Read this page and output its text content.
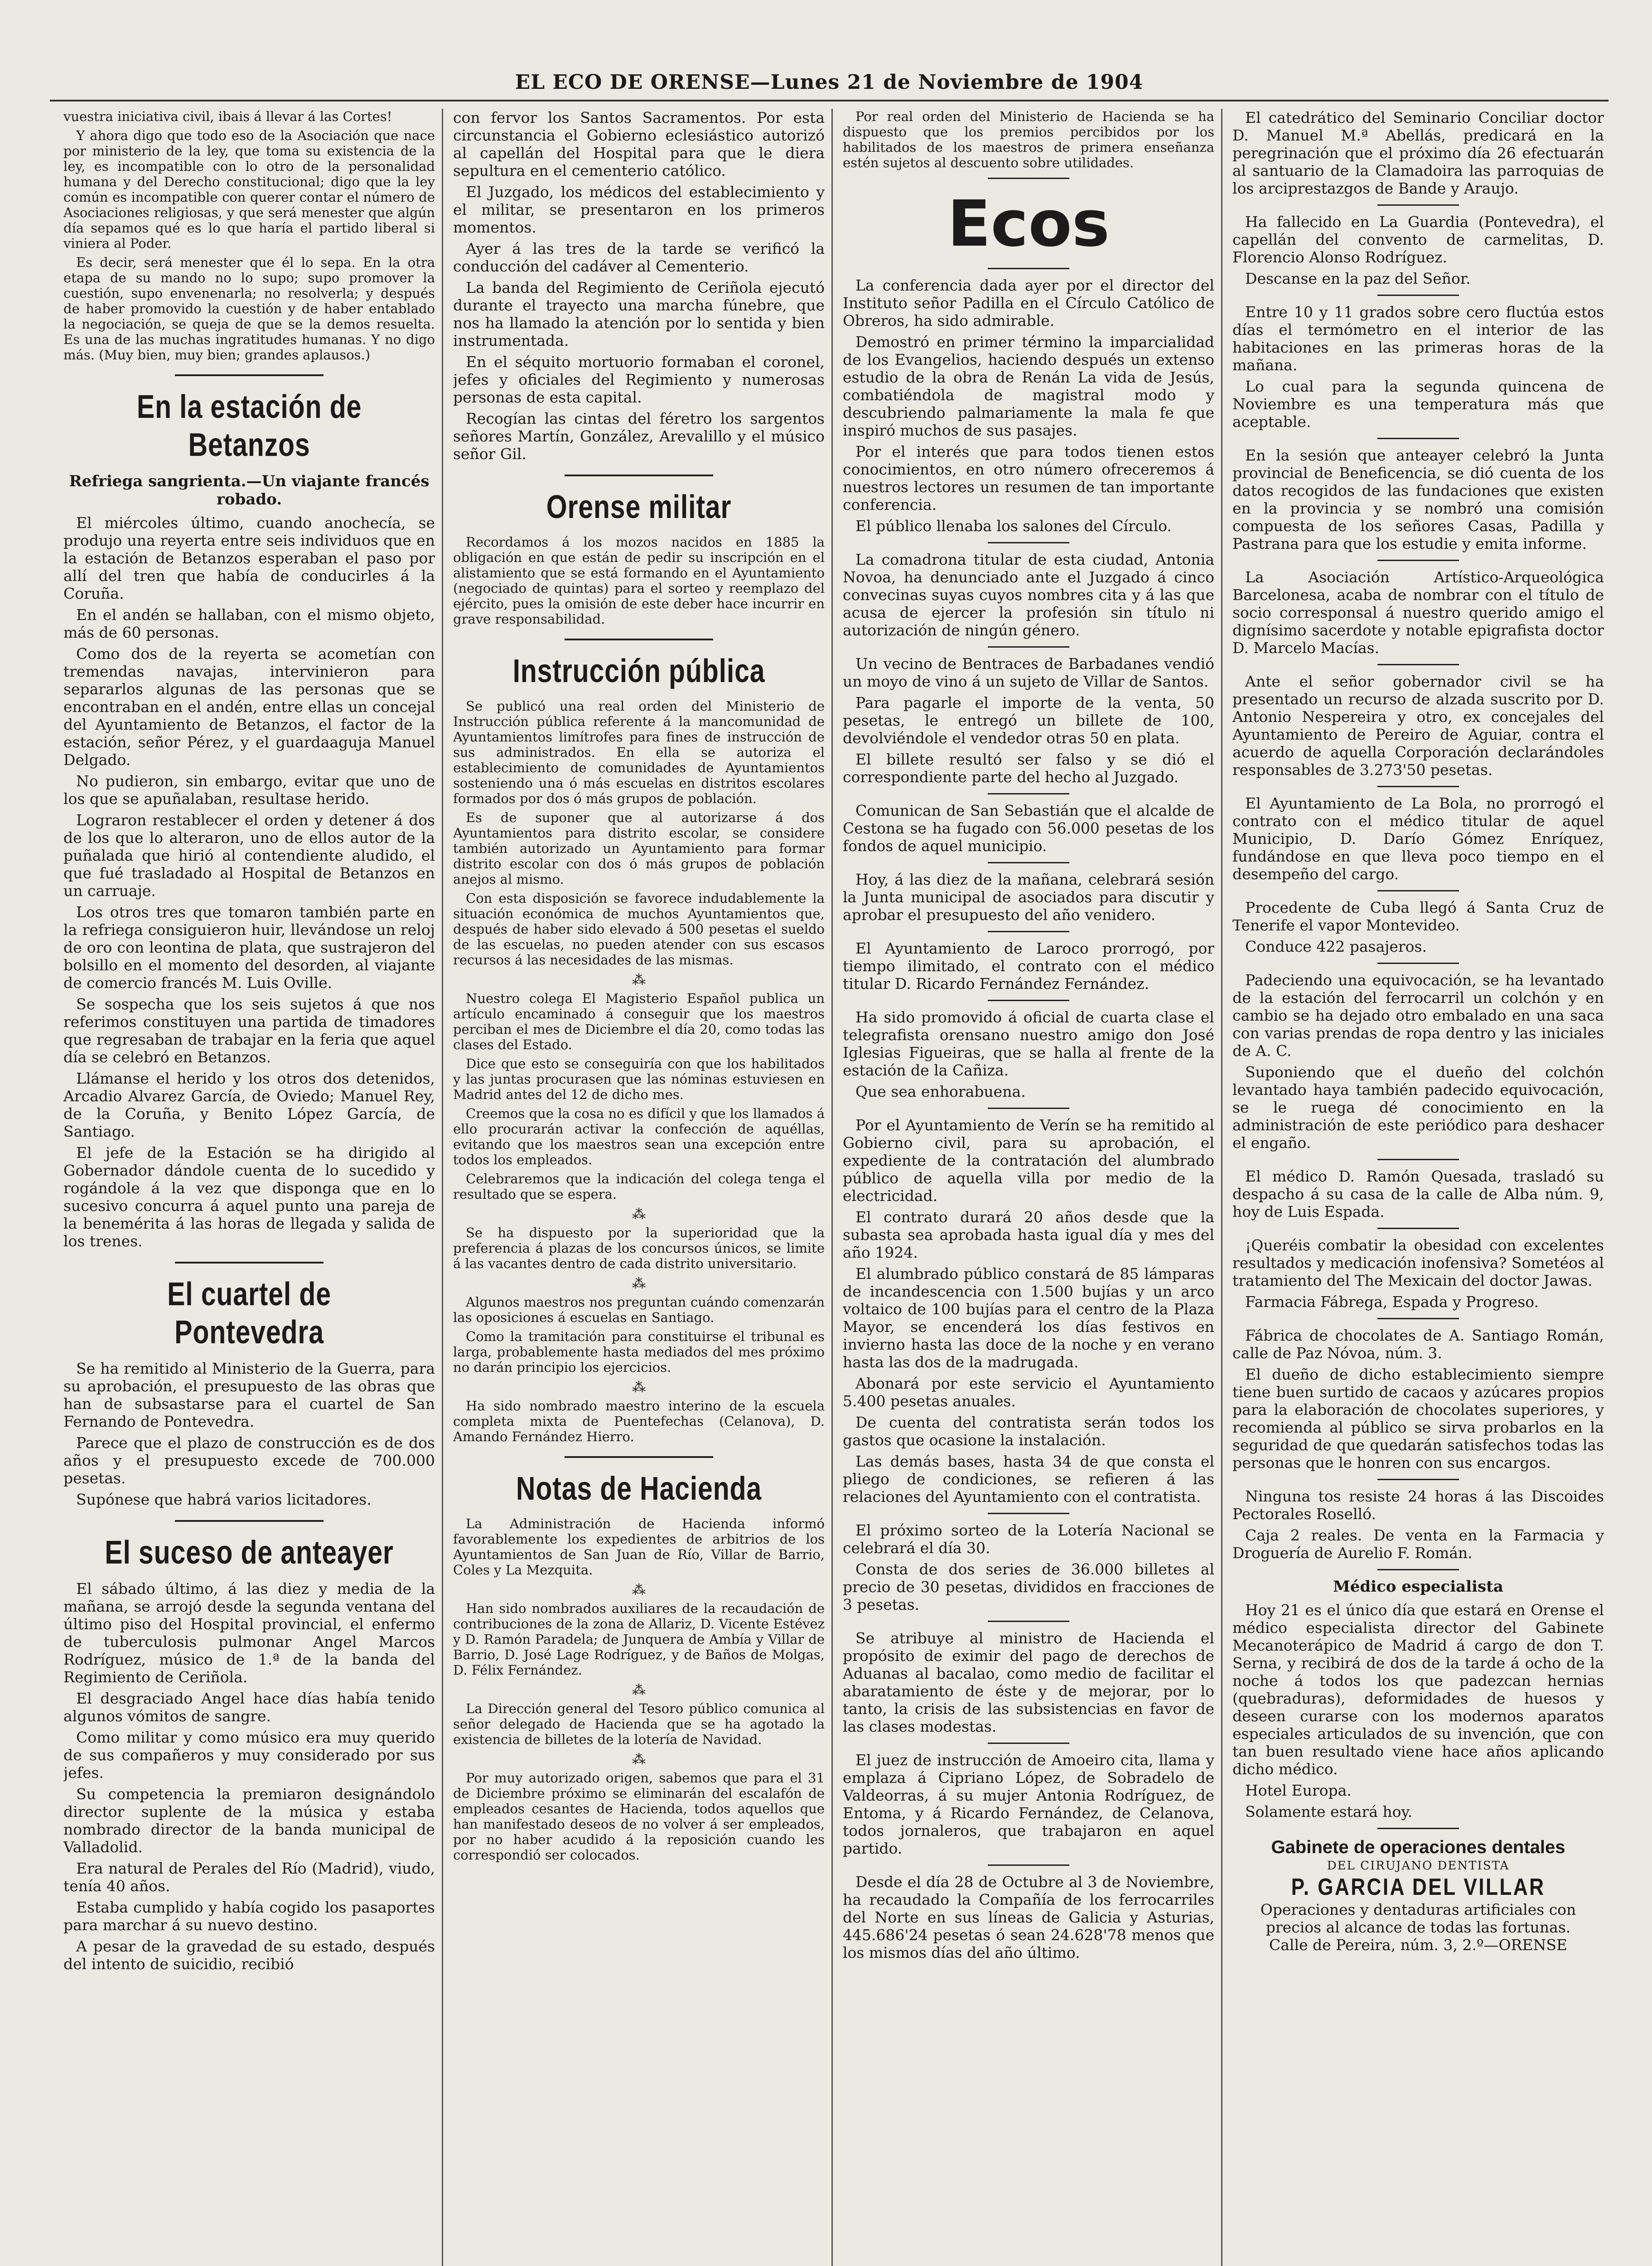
EL ECO DE ORENSE—Lunes 21 de Noviembre de 1904

vuestra iniciativa civil, ibais á llevar á las Cortes!

Y ahora digo que todo eso de la Asociación que nace por ministerio de la ley, que toma su existencia de la ley, es incompatible con lo otro de la personalidad humana y del Derecho constitucional; digo que la ley común es incompatible con querer contar el número de Asociaciones religiosas, y que será menester que algún día sepamos qué es lo que haría el partido liberal si viniera al Poder.

Es decir, será menester que él lo sepa. En la otra etapa de su mando no lo supo; supo promover la cuestión, supo envenenarla; no resolverla; y después de haber promovido la cuestión y de haber entablado la negociación, se queja de que se la demos resuelta. Es una de las muchas ingratitudes humanas. Y no digo más. (Muy bien, muy bien; grandes aplausos.)

En la estación de Betanzos
Refriega sangrienta.—Un viajante francés robado.

El miércoles último, cuando anochecía, se produjo una reyerta entre seis individuos que en la estación de Betanzos esperaban el paso por allí del tren que había de conducirles á la Coruña.

En el andén se hallaban, con el mismo objeto, más de 60 personas.

Como dos de la reyerta se acometían con tremendas navajas, intervinieron para separarlos algunas de las personas que se encontraban en el andén, entre ellas un concejal del Ayuntamiento de Betanzos, el factor de la estación, señor Pérez, y el guardaaguja Manuel Delgado.

No pudieron, sin embargo, evitar que uno de los que se apuñalaban, resultase herido.

Lograron restablecer el orden y detener á dos de los que lo alteraron, uno de ellos autor de la puñalada que hirió al contendiente aludido, el que fué trasladado al Hospital de Betanzos en un carruaje.

Los otros tres que tomaron también parte en la refriega consiguieron huir, llevándose un reloj de oro con leontina de plata, que sustrajeron del bolsillo en el momento del desorden, al viajante de comercio francés M. Luis Oville.

Se sospecha que los seis sujetos á que nos referimos constituyen una partida de timadores que regresaban de trabajar en la feria que aquel día se celebró en Betanzos.

Llámanse el herido y los otros dos detenidos, Arcadio Alvarez García, de Oviedo; Manuel Rey, de la Coruña, y Benito López García, de Santiago.

El jefe de la Estación se ha dirigido al Gobernador dándole cuenta de lo sucedido y rogándole á la vez que disponga que en lo sucesivo concurra á aquel punto una pareja de la benemérita á las horas de llegada y salida de los trenes.

El cuartel de Pontevedra

Se ha remitido al Ministerio de la Guerra, para su aprobación, el presupuesto de las obras que han de subsastarse para el cuartel de San Fernando de Pontevedra.

Parece que el plazo de construcción es de dos años y el presupuesto excede de 700.000 pesetas.

Supónese que habrá varios licitadores.

El suceso de anteayer

El sábado último, á las diez y media de la mañana, se arrojó desde la segunda ventana del último piso del Hospital provincial, el enfermo de tuberculosis pulmonar Angel Marcos Rodríguez, músico de 1.ª de la banda del Regimiento de Ceriñola.

El desgraciado Angel hace días había tenido algunos vómitos de sangre.

Como militar y como músico era muy querido de sus compañeros y muy considerado por sus jefes.

Su competencia la premiaron designándolo director suplente de la música y estaba nombrado director de la banda municipal de Valladolid.

Era natural de Perales del Río (Madrid), viudo, tenía 40 años.

Estaba cumplido y había cogido los pasaportes para marchar á su nuevo destino.

A pesar de la gravedad de su estado, después del intento de suicidio, recibió

con fervor los Santos Sacramentos. Por esta circunstancia el Gobierno eclesiástico autorizó al capellán del Hospital para que le diera sepultura en el cementerio católico.

El Juzgado, los médicos del establecimiento y el militar, se presentaron en los primeros momentos.

Ayer á las tres de la tarde se verificó la conducción del cadáver al Cementerio.

La banda del Regimiento de Ceriñola ejecutó durante el trayecto una marcha fúnebre, que nos ha llamado la atención por lo sentida y bien instrumentada.

En el séquito mortuorio formaban el coronel, jefes y oficiales del Regimiento y numerosas personas de esta capital.

Recogían las cintas del féretro los sargentos señores Martín, González, Arevalillo y el músico señor Gil.

Orense militar

Recordamos á los mozos nacidos en 1885 la obligación en que están de pedir su inscripción en el alistamiento que se está formando en el Ayuntamiento (negociado de quintas) para el sorteo y reemplazo del ejército, pues la omisión de este deber hace incurrir en grave responsabilidad.

Instrucción pública

Se publicó una real orden del Ministerio de Instrucción pública referente á la mancomunidad de Ayuntamientos limítrofes para fines de instrucción de sus administrados. En ella se autoriza el establecimiento de comunidades de Ayuntamientos sosteniendo una ó más escuelas en distritos escolares formados por dos ó más grupos de población.

Es de suponer que al autorizarse á dos Ayuntamientos para distrito escolar, se considere también autorizado un Ayuntamiento para formar distrito escolar con dos ó más grupos de población anejos al mismo.

Con esta disposición se favorece indudablemente la situación económica de muchos Ayuntamientos que, después de haber sido elevado á 500 pesetas el sueldo de las escuelas, no pueden atender con sus escasos recursos á las necesidades de las mismas.

⁂

Nuestro colega El Magisterio Español publica un artículo encaminado á conseguir que los maestros perciban el mes de Diciembre el día 20, como todas las clases del Estado.

Dice que esto se conseguiría con que los habilitados y las juntas procurasen que las nóminas estuviesen en Madrid antes del 12 de dicho mes.

Creemos que la cosa no es difícil y que los llamados á ello procurarán activar la confección de aquéllas, evitando que los maestros sean una excepción entre todos los empleados.

Celebraremos que la indicación del colega tenga el resultado que se espera.

⁂

Se ha dispuesto por la superioridad que la preferencia á plazas de los concursos únicos, se limite á las vacantes dentro de cada distrito universitario.

⁂

Algunos maestros nos preguntan cuándo comenzarán las oposiciones á escuelas en Santiago.

Como la tramitación para constituirse el tribunal es larga, probablemente hasta mediados del mes próximo no darán principio los ejercicios.

⁂

Ha sido nombrado maestro interino de la escuela completa mixta de Puentefechas (Celanova), D. Amando Fernández Hierro.

Notas de Hacienda

La Administración de Hacienda informó favorablemente los expedientes de arbitrios de los Ayuntamientos de San Juan de Río, Villar de Barrio, Coles y La Mezquita.

⁂

Han sido nombrados auxiliares de la recaudación de contribuciones de la zona de Allariz, D. Vicente Estévez y D. Ramón Paradela; de Junquera de Ambía y Villar de Barrio, D. José Lage Rodríguez, y de Baños de Molgas, D. Félix Fernández.

⁂

La Dirección general del Tesoro público comunica al señor delegado de Hacienda que se ha agotado la existencia de billetes de la lotería de Navidad.

⁂

Por muy autorizado origen, sabemos que para el 31 de Diciembre próximo se eliminarán del escalafón de empleados cesantes de Hacienda, todos aquellos que han manifestado deseos de no volver á ser empleados, por no haber acudido á la reposición cuando les correspondió ser colocados.

Por real orden del Ministerio de Hacienda se ha dispuesto que los premios percibidos por los habilitados de los maestros de primera enseñanza estén sujetos al descuento sobre utilidades.

Ecos

La conferencia dada ayer por el director del Instituto señor Padilla en el Círculo Católico de Obreros, ha sido admirable.

Demostró en primer término la imparcialidad de los Evangelios, haciendo después un extenso estudio de la obra de Renán La vida de Jesús, combatiéndola de magistral modo y descubriendo palmariamente la mala fe que inspiró muchos de sus pasajes.

Por el interés que para todos tienen estos conocimientos, en otro número ofreceremos á nuestros lectores un resumen de tan importante conferencia.

El público llenaba los salones del Círculo.

La comadrona titular de esta ciudad, Antonia Novoa, ha denunciado ante el Juzgado á cinco convecinas suyas cuyos nombres cita y á las que acusa de ejercer la profesión sin título ni autorización de ningún género.

Un vecino de Bentraces de Barbadanes vendió un moyo de vino á un sujeto de Villar de Santos.

Para pagarle el importe de la venta, 50 pesetas, le entregó un billete de 100, devolviéndole el vendedor otras 50 en plata.

El billete resultó ser falso y se dió el correspondiente parte del hecho al Juzgado.

Comunican de San Sebastián que el alcalde de Cestona se ha fugado con 56.000 pesetas de los fondos de aquel municipio.

Hoy, á las diez de la mañana, celebrará sesión la Junta municipal de asociados para discutir y aprobar el presupuesto del año venidero.

El Ayuntamiento de Laroco prorrogó, por tiempo ilimitado, el contrato con el médico titular D. Ricardo Fernández Fernández.

Ha sido promovido á oficial de cuarta clase el telegrafista orensano nuestro amigo don José Iglesias Figueiras, que se halla al frente de la estación de la Cañiza.

Que sea enhorabuena.

Por el Ayuntamiento de Verín se ha remitido al Gobierno civil, para su aprobación, el expediente de la contratación del alumbrado público de aquella villa por medio de la electricidad.

El contrato durará 20 años desde que la subasta sea aprobada hasta igual día y mes del año 1924.

El alumbrado público constará de 85 lámparas de incandescencia con 1.500 bujías y un arco voltaico de 100 bujías para el centro de la Plaza Mayor, se encenderá los días festivos en invierno hasta las doce de la noche y en verano hasta las dos de la madrugada.

Abonará por este servicio el Ayuntamiento 5.400 pesetas anuales.

De cuenta del contratista serán todos los gastos que ocasione la instalación.

Las demás bases, hasta 34 de que consta el pliego de condiciones, se refieren á las relaciones del Ayuntamiento con el contratista.

El próximo sorteo de la Lotería Nacional se celebrará el día 30.

Consta de dos series de 36.000 billetes al precio de 30 pesetas, divididos en fracciones de 3 pesetas.

Se atribuye al ministro de Hacienda el propósito de eximir del pago de derechos de Aduanas al bacalao, como medio de facilitar el abaratamiento de éste y de mejorar, por lo tanto, la crisis de las subsistencias en favor de las clases modestas.

El juez de instrucción de Amoeiro cita, llama y emplaza á Cipriano López, de Sobradelo de Valdeorras, á su mujer Antonia Rodríguez, de Entoma, y á Ricardo Fernández, de Celanova, todos jornaleros, que trabajaron en aquel partido.

Desde el día 28 de Octubre al 3 de Noviembre, ha recaudado la Compañía de los ferrocarriles del Norte en sus líneas de Galicia y Asturias, 445.686'24 pesetas ó sean 24.628'78 menos que los mismos días del año último.

El catedrático del Seminario Conciliar doctor D. Manuel M.ª Abellás, predicará en la peregrinación que el próximo día 26 efectuarán al santuario de la Clamadoira las parroquias de los arciprestazgos de Bande y Araujo.

Ha fallecido en La Guardia (Pontevedra), el capellán del convento de carmelitas, D. Florencio Alonso Rodríguez.

Descanse en la paz del Señor.

Entre 10 y 11 grados sobre cero fluctúa estos días el termómetro en el interior de las habitaciones en las primeras horas de la mañana.

Lo cual para la segunda quincena de Noviembre es una temperatura más que aceptable.

En la sesión que anteayer celebró la Junta provincial de Beneficencia, se dió cuenta de los datos recogidos de las fundaciones que existen en la provincia y se nombró una comisión compuesta de los señores Casas, Padilla y Pastrana para que los estudie y emita informe.

La Asociación Artístico-Arqueológica Barcelonesa, acaba de nombrar con el título de socio corresponsal á nuestro querido amigo el dignísimo sacerdote y notable epigrafista doctor D. Marcelo Macías.

Ante el señor gobernador civil se ha presentado un recurso de alzada suscrito por D. Antonio Nespereira y otro, ex concejales del Ayuntamiento de Pereiro de Aguiar, contra el acuerdo de aquella Corporación declarándoles responsables de 3.273'50 pesetas.

El Ayuntamiento de La Bola, no prorrogó el contrato con el médico titular de aquel Municipio, D. Darío Gómez Enríquez, fundándose en que lleva poco tiempo en el desempeño del cargo.

Procedente de Cuba llegó á Santa Cruz de Tenerife el vapor Montevideo.

Conduce 422 pasajeros.

Padeciendo una equivocación, se ha levantado de la estación del ferrocarril un colchón y en cambio se ha dejado otro embalado en una saca con varias prendas de ropa dentro y las iniciales de A. C.

Suponiendo que el dueño del colchón levantado haya también padecido equivocación, se le ruega dé conocimiento en la administración de este periódico para deshacer el engaño.

El médico D. Ramón Quesada, trasladó su despacho á su casa de la calle de Alba núm. 9, hoy de Luis Espada.

¡Queréis combatir la obesidad con excelentes resultados y medicación inofensiva? Sometéos al tratamiento del The Mexicain del doctor Jawas.

Farmacia Fábrega, Espada y Progreso.

Fábrica de chocolates de A. Santiago Román, calle de Paz Nóvoa, núm. 3.

El dueño de dicho establecimiento siempre tiene buen surtido de cacaos y azúcares propios para la elaboración de chocolates superiores, y recomienda al público se sirva probarlos en la seguridad de que quedarán satisfechos todas las personas que le honren con sus encargos.

Ninguna tos resiste 24 horas á las Discoides Pectorales Roselló.

Caja 2 reales. De venta en la Farmacia y Droguería de Aurelio F. Román.

Médico especialista

Hoy 21 es el único día que estará en Orense el médico especialista director del Gabinete Mecanoterápico de Madrid á cargo de don T. Serna, y recibirá de dos de la tarde á ocho de la noche á todos los que padezcan hernias (quebraduras), deformidades de huesos y deseen curarse con los modernos aparatos especiales articulados de su invención, que con tan buen resultado viene hace años aplicando dicho médico.

Hotel Europa.

Solamente estará hoy.

Gabinete de operaciones dentales
DEL CIRUJANO DENTISTA
P. GARCIA DEL VILLAR
Operaciones y dentaduras artificiales con precios al alcance de todas las fortunas.
Calle de Pereira, núm. 3, 2.º—ORENSE
